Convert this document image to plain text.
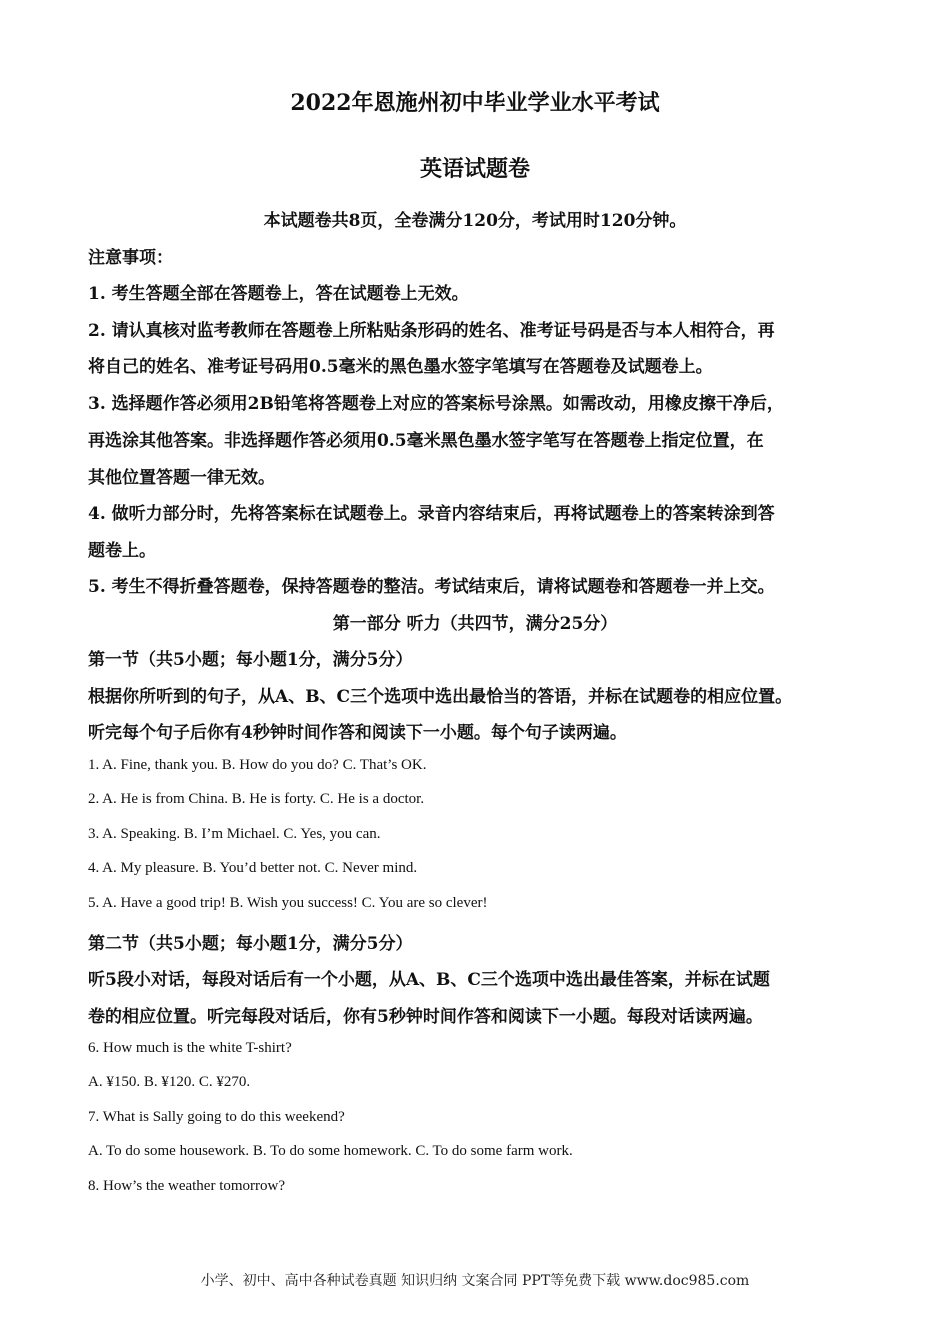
2022年恩施州初中毕业学业水平考试
英语试题卷
本试题卷共8页，全卷满分120分，考试用时120分钟。
注意事项：
1. 考生答题全部在答题卷上，答在试题卷上无效。
2. 请认真核对监考教师在答题卷上所粘贴条形码的姓名、准考证号码是否与本人相符合，再
将自己的姓名、准考证号码用0.5毫米的黑色墨水签字笔填写在答题卷及试题卷上。
3. 选择题作答必须用2B铅笔将答题卷上对应的答案标号涂黑。如需改动，用橡皮擦干净后，
再选涂其他答案。非选择题作答必须用0.5毫米黑色墨水签字笔写在答题卷上指定位置，在
其他位置答题一律无效。
4. 做听力部分时，先将答案标在试题卷上。录音内容结束后，再将试题卷上的答案转涂到答
题卷上。
5. 考生不得折叠答题卷，保持答题卷的整洁。考试结束后，请将试题卷和答题卷一并上交。
第一部分 听力（共四节，满分25分）
第一节（共5小题；每小题1分，满分5分）
根据你所听到的句子，从A、B、C三个选项中选出最恰当的答语，并标在试题卷的相应位置。
听完每个句子后你有4秒钟时间作答和阅读下一小题。每个句子读两遍。
1. A. Fine, thank you. B. How do you do? C. That’s OK.
2. A. He is from China. B. He is forty. C. He is a doctor.
3. A. Speaking. B. I’m Michael. C. Yes, you can.
4. A. My pleasure. B. You’d better not. C. Never mind.
5. A. Have a good trip! B. Wish you success! C. You are so clever!
第二节（共5小题；每小题1分，满分5分）
听5段小对话，每段对话后有一个小题，从A、B、C三个选项中选出最佳答案，并标在试题
卷的相应位置。听完每段对话后，你有5秒钟时间作答和阅读下一小题。每段对话读两遍。
6. How much is the white T-shirt?
A. ¥150. B. ¥120. C. ¥270.
7. What is Sally going to do this weekend?
A. To do some housework. B. To do some homework. C. To do some farm work.
8. How’s the weather tomorrow?
小学、初中、高中各种试卷真题 知识归纳 文案合同 PPT等免费下载 www.doc985.com
